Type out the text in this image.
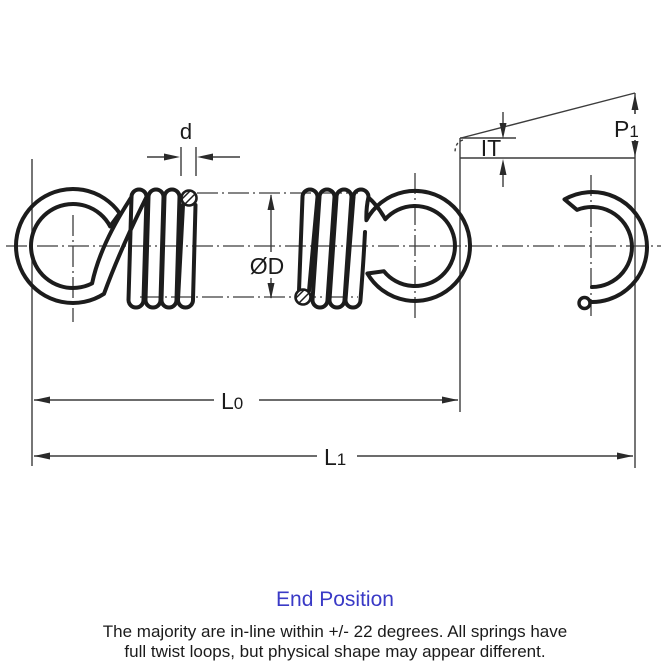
d
ØD
IT
P1
L0
L1
End Position
The majority are in-line within +/- 22 degrees. All springs have
full twist loops, but physical shape may appear different.
